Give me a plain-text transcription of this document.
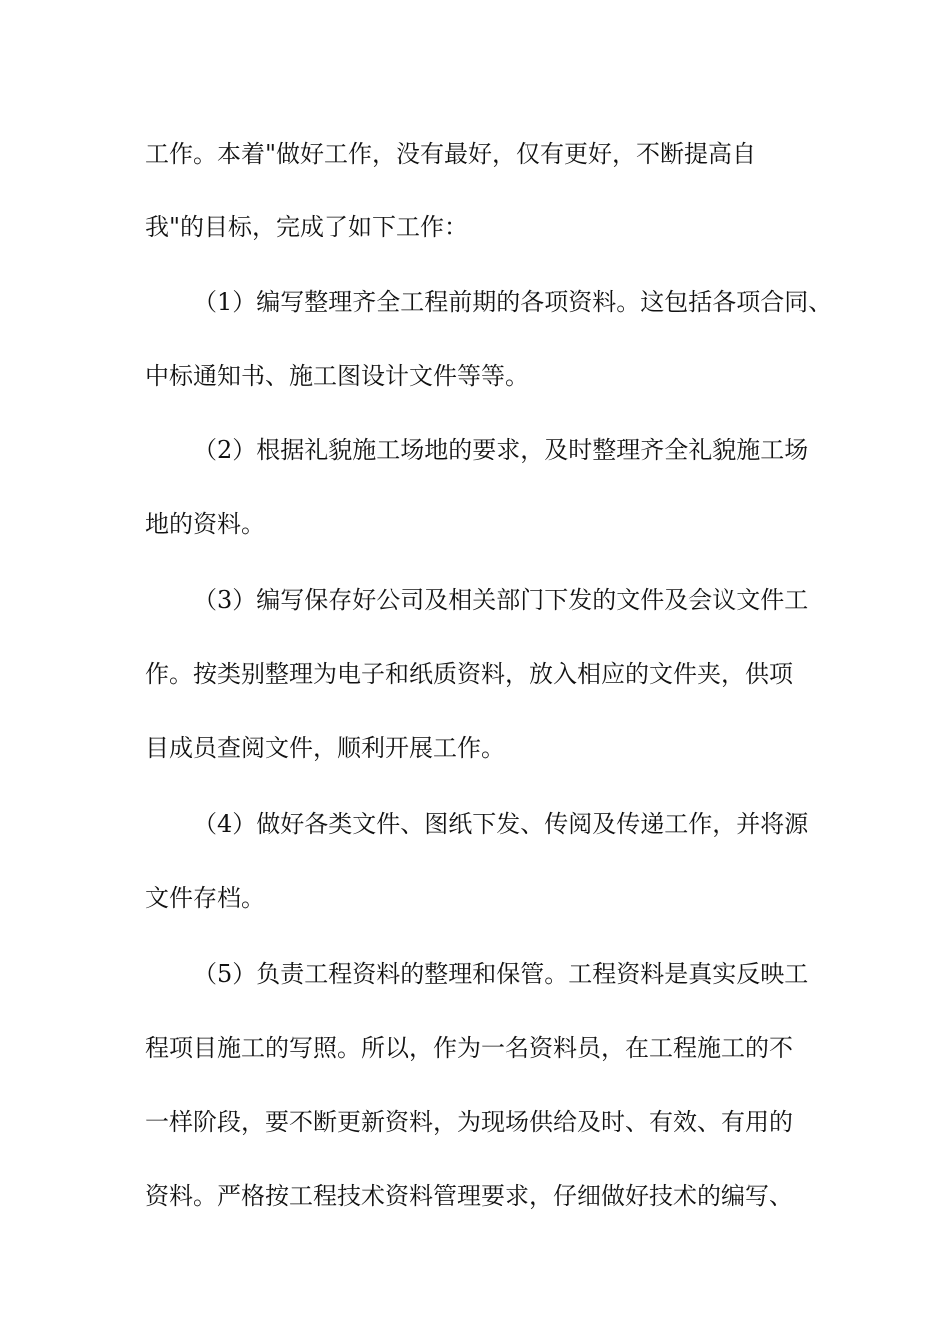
工作。本着"做好工作，没有最好，仅有更好，不断提高自
我"的目标，完成了如下工作：
（1）编写整理齐全工程前期的各项资料。这包括各项合同、
中标通知书、施工图设计文件等等。
（2）根据礼貌施工场地的要求，及时整理齐全礼貌施工场
地的资料。
（3）编写保存好公司及相关部门下发的文件及会议文件工
作。按类别整理为电子和纸质资料，放入相应的文件夹，供项
目成员查阅文件，顺利开展工作。
（4）做好各类文件、图纸下发、传阅及传递工作，并将源
文件存档。
（5）负责工程资料的整理和保管。工程资料是真实反映工
程项目施工的写照。所以，作为一名资料员，在工程施工的不
一样阶段，要不断更新资料，为现场供给及时、有效、有用的
资料。严格按工程技术资料管理要求，仔细做好技术的编写、
